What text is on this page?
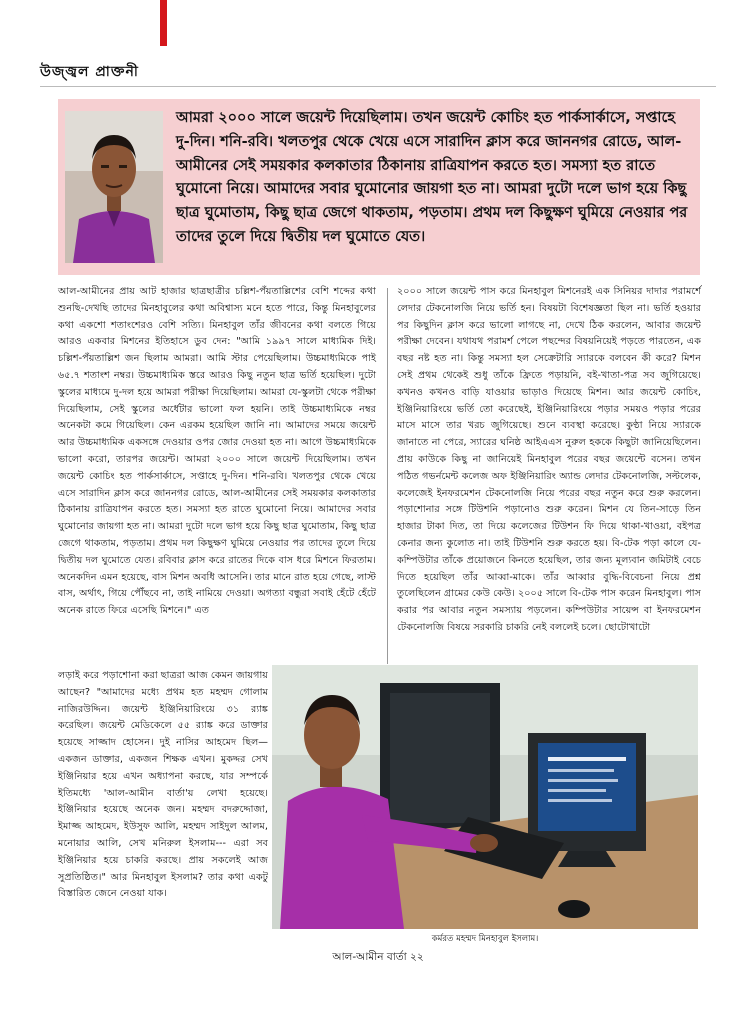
উজ্জ্বল প্রাক্তনী
আমরা ২০০০ সালে জয়েন্ট দিয়েছিলাম। তখন জয়েন্ট কোচিং হত পার্কসার্কাসে, সপ্তাহে দু-দিন। শনি-রবি। খলতপুর থেকে খেয়ে এসে সারাদিন ক্লাস করে জাননগর রোডে, আল-আমীনের সেই সময়কার কলকাতার ঠিকানায় রাত্রিযাপন করতে হত। সমস্যা হত রাতে ঘুমোনো নিয়ে। আমাদের সবার ঘুমোনোর জায়গা হত না। আমরা দুটো দলে ভাগ হয়ে কিছু ছাত্র ঘুমোতাম, কিছু ছাত্র জেগে থাকতাম, পড়তাম। প্রথম দল কিছুক্ষণ ঘুমিয়ে নেওয়ার পর তাদের তুলে দিয়ে দ্বিতীয় দল ঘুমোতে যেত।

আল-আমীনের প্রায় আট হাজার ছাত্রছাত্রীর চল্লিশ-পঁয়তাল্লিশের বেশি শব্দের কথা শুনছি-দেখছি তাদের মিনহাবুলের কথা অবিশ্বাস্য মনে হতে পারে, কিন্তু মিনহাবুলের কথা একশো শতাংশেরও বেশি সত্যি। মিনহাবুল তাঁর জীবনের কথা বলতে গিয়ে আরও একবার মিশনের ইতিহাসে ডুব দেন: "আমি ১৯৯৭ সালে মাধ্যমিক দিই। চল্লিশ-পঁয়তাল্লিশ জন ছিলাম আমরা। আমি স্টার পেয়েছিলাম। উচ্চমাধ্যমিকে পাই ৬৫.৭ শতাংশ নম্বর। উচ্চমাধ্যমিক স্তরে আরও কিছু নতুন ছাত্র ভর্তি হয়েছিল। দুটো স্কুলের মাধ্যমে দু-দল হয়ে আমরা পরীক্ষা দিয়েছিলাম। আমরা যে-স্কুলটা থেকে পরীক্ষা দিয়েছিলাম, সেই স্কুলের অর্ধেটার ভালো ফল হয়নি। তাই উচ্চমাধ্যমিকে নম্বর অনেকটা কমে গিয়েছিল। কেন এরকম হয়েছিল জানি না। আমাদের সময়ে জয়েন্ট আর উচ্চমাধ্যমিক একসঙ্গে দেওয়ার ওপর জোর দেওয়া হত না। আগে উচ্চমাধ্যমিকে ভালো করো, তারপর জয়েন্ট। আমরা ২০০০ সালে জয়েন্ট দিয়েছিলাম। তখন জয়েন্ট কোচিং হত পার্কসার্কাসে, সপ্তাহে দু-দিন। শনি-রবি। খলতপুর থেকে খেয়ে এসে সারাদিন ক্লাস করে জাননগর রোডে, আল-আমীনের সেই সময়কার কলকাতার ঠিকানায় রাত্রিযাপন করতে হত। সমস্যা হত রাতে ঘুমোনো নিয়ে। আমাদের সবার ঘুমোনোর জায়গা হত না। আমরা দুটো দলে ভাগ হয়ে কিছু ছাত্র ঘুমোতাম, কিছু ছাত্র জেগে থাকতাম, পড়তাম। প্রথম দল কিছুক্ষণ ঘুমিয়ে নেওয়ার পর তাদের তুলে দিয়ে দ্বিতীয় দল ঘুমোতে যেত। রবিবার ক্লাস করে রাতের দিকে বাস ধরে মিশনে ফিরতাম। অনেকদিন এমন হয়েছে, বাস মিশন অবধি আসেনি। তার মানে রাত হয়ে গেছে, লাস্ট বাস, অর্থাৎ, গিয়ে পৌঁছবে না, তাই নামিয়ে দেওয়া। অগত্যা বন্ধুরা সবাই হেঁটে হেঁটে অনেক রাতে ফিরে এসেছি মিশনে।" এত

২০০০ সালে জয়েন্ট পাস করে মিনহাবুল মিশনেরই এক সিনিয়র দাদার পরামর্শে লেদার টেকনোলজি নিয়ে ভর্তি হন। বিষয়টা বিশেষজ্ঞতা ছিল না। ভর্তি হওয়ার পর কিছুদিন ক্লাস করে ভালো লাগছে না, দেখে ঠিক করলেন, আবার জয়েন্ট পরীক্ষা দেবেন। যথাযথ পরামর্শ পেলে পছন্দের বিষয়নিয়েই পড়তে পারতেন, এক বছর নষ্ট হত না। কিন্তু সমস্যা হল সেক্রেটারি স্যারকে বলবেন কী করে? মিশন সেই প্রথম থেকেই শুধু তাঁকে ফ্রিতে পড়ায়নি, বই-খাতা-পত্র সব জুগিয়েছে। কখনও কখনও বাড়ি যাওয়ার ভাড়াও দিয়েছে মিশন। আর জয়েন্ট কোচিং, ইঞ্জিনিয়ারিংয়ে ভর্তি তো করেছেই, ইঞ্জিনিয়ারিংয়ে পড়ার সময়ও পড়ার পরের মাসে মাসে তার খরচ জুগিয়েছে। শুনে ব্যবস্থা করেছে। কুণ্ঠা নিয়ে স্যারকে জানাতে না পেরে, স্যারের ঘনিষ্ঠ আইএএস নুরুল হককে কিছুটা জানিয়েছিলেন। প্রায় কাউকে কিছু না জানিয়েই মিনহাবুল পরের বছর জয়েন্টে বসেন। তখন পঠিত গভর্নমেন্ট কলেজ অফ ইঞ্জিনিয়ারিং অ্যান্ড লেদার টেকনোলজি, সল্টলেক, কলেজেই ইনফরমেশন টেকনোলজি নিয়ে পরের বছর নতুন করে শুরু করলেন। পড়াশোনার সঙ্গে টিউশনি পড়ানোও শুরু করেন। মিশন যে তিন-সাড়ে তিন হাজার টাকা দিত, তা দিয়ে কলেজের টিউশন ফি দিয়ে থাকা-খাওয়া, বইপত্র কেনার জন্য কুলোত না। তাই টিউশনি শুরু করতে হয়। বি-টেক পড়া কালে যে-কম্পিউটার তাঁকে প্রয়োজনে কিনতে হয়েছিল, তার জন্য মূল্যবান জমিটাই বেচে দিতে হয়েছিল তাঁর আব্বা-মাকে। তাঁর আব্বার বুদ্ধি-বিবেচনা নিয়ে প্রশ্ন তুলেছিলেন গ্রামের কেউ কেউ। ২০০৫ সালে বি-টেক পাস করেন মিনহাবুল। পাস করার পর আবার নতুন সমস্যায় পড়লেন। কম্পিউটার সায়েন্স বা ইনফরমেশন টেকনোলজি বিষয়ে সরকারি চাকরি নেই বললেই চলে। ছোটোখাটো

লড়াই করে পড়াশোনা করা ছাত্ররা আজ কেমন জায়গায় আছেন? "আমাদের মধ্যে প্রথম হত মহম্মদ গোলাম নাজিরউদ্দিন। জয়েন্ট ইঞ্জিনিয়ারিংয়ে ৩১ র‍্যাঙ্ক করেছিল। জয়েন্ট মেডিকেলে ৫৫ র‍্যাঙ্ক করে ডাক্তার হয়েছে সাজ্জাদ হোসেন। দুই নাসির আহমেদ ছিল— একজন ডাক্তার, একজন শিক্ষক এখন। মুকদ্দর সেখ ইঞ্জিনিয়ার হয়ে এখন অধ্যাপনা করছে, যার সম্পর্কে ইতিমধ্যে 'আল-আমীন বার্তা'য় লেখা হয়েছে। ইঞ্জিনিয়ার হয়েছে অনেক জন। মহম্মদ বদরুদ্দোজা, ইমাজ্জ আহমেদ, ইউসুফ আলি, মহম্মদ সাইদুল আলম, মনোয়ার আলি, সেখ মনিরুল ইসলাম--- এরা সব ইঞ্জিনিয়ার হয়ে চাকরি করছে। প্রায় সকলেই আজ সুপ্রতিষ্ঠিত।" আর মিনহাবুল ইসলাম? তার কথা একটু বিস্তারিত জেনে নেওয়া যাক।

কর্মরত মহম্মদ মিনহাবুল ইসলাম।
আল-আমীন বার্তা ২২
